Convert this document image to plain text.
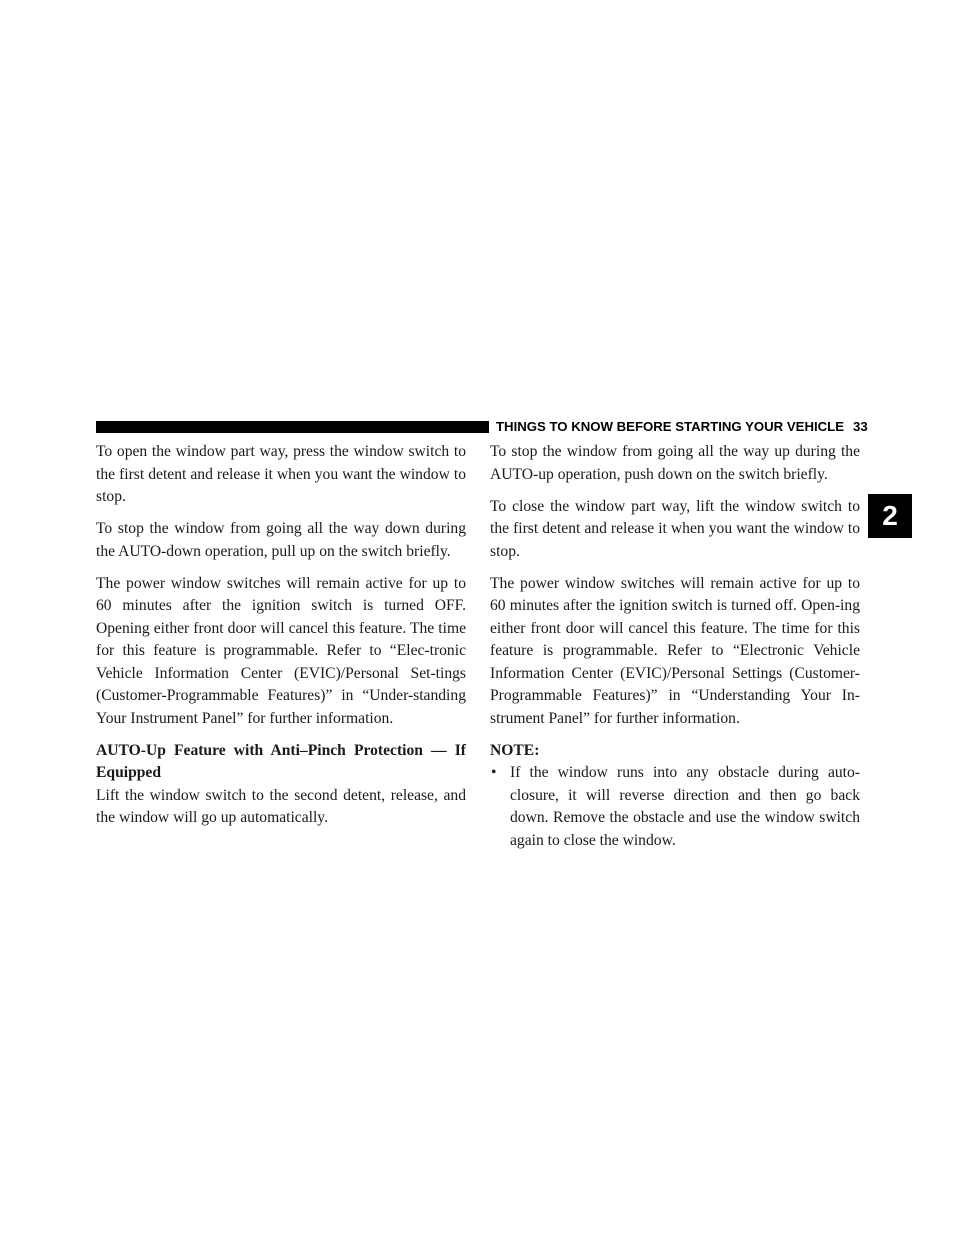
THINGS TO KNOW BEFORE STARTING YOUR VEHICLE 33
2

To open the window part way, press the window switch to the first detent and release it when you want the window to stop.

To stop the window from going all the way down during the AUTO-down operation, pull up on the switch briefly.

The power window switches will remain active for up to 60 minutes after the ignition switch is turned OFF. Opening either front door will cancel this feature. The time for this feature is programmable. Refer to “Elec-tronic Vehicle Information Center (EVIC)/Personal Set-tings (Customer-Programmable Features)” in “Under-standing Your Instrument Panel” for further information.

AUTO-Up Feature with Anti–Pinch Protection — If Equipped

Lift the window switch to the second detent, release, and the window will go up automatically.

To stop the window from going all the way up during the AUTO-up operation, push down on the switch briefly.

To close the window part way, lift the window switch to the first detent and release it when you want the window to stop.

The power window switches will remain active for up to 60 minutes after the ignition switch is turned off. Open-ing either front door will cancel this feature. The time for this feature is programmable. Refer to “Electronic Vehicle Information Center (EVIC)/Personal Settings (Customer-Programmable Features)” in “Understanding Your In-strument Panel” for further information.

NOTE:
• If the window runs into any obstacle during auto-closure, it will reverse direction and then go back down. Remove the obstacle and use the window switch again to close the window.
